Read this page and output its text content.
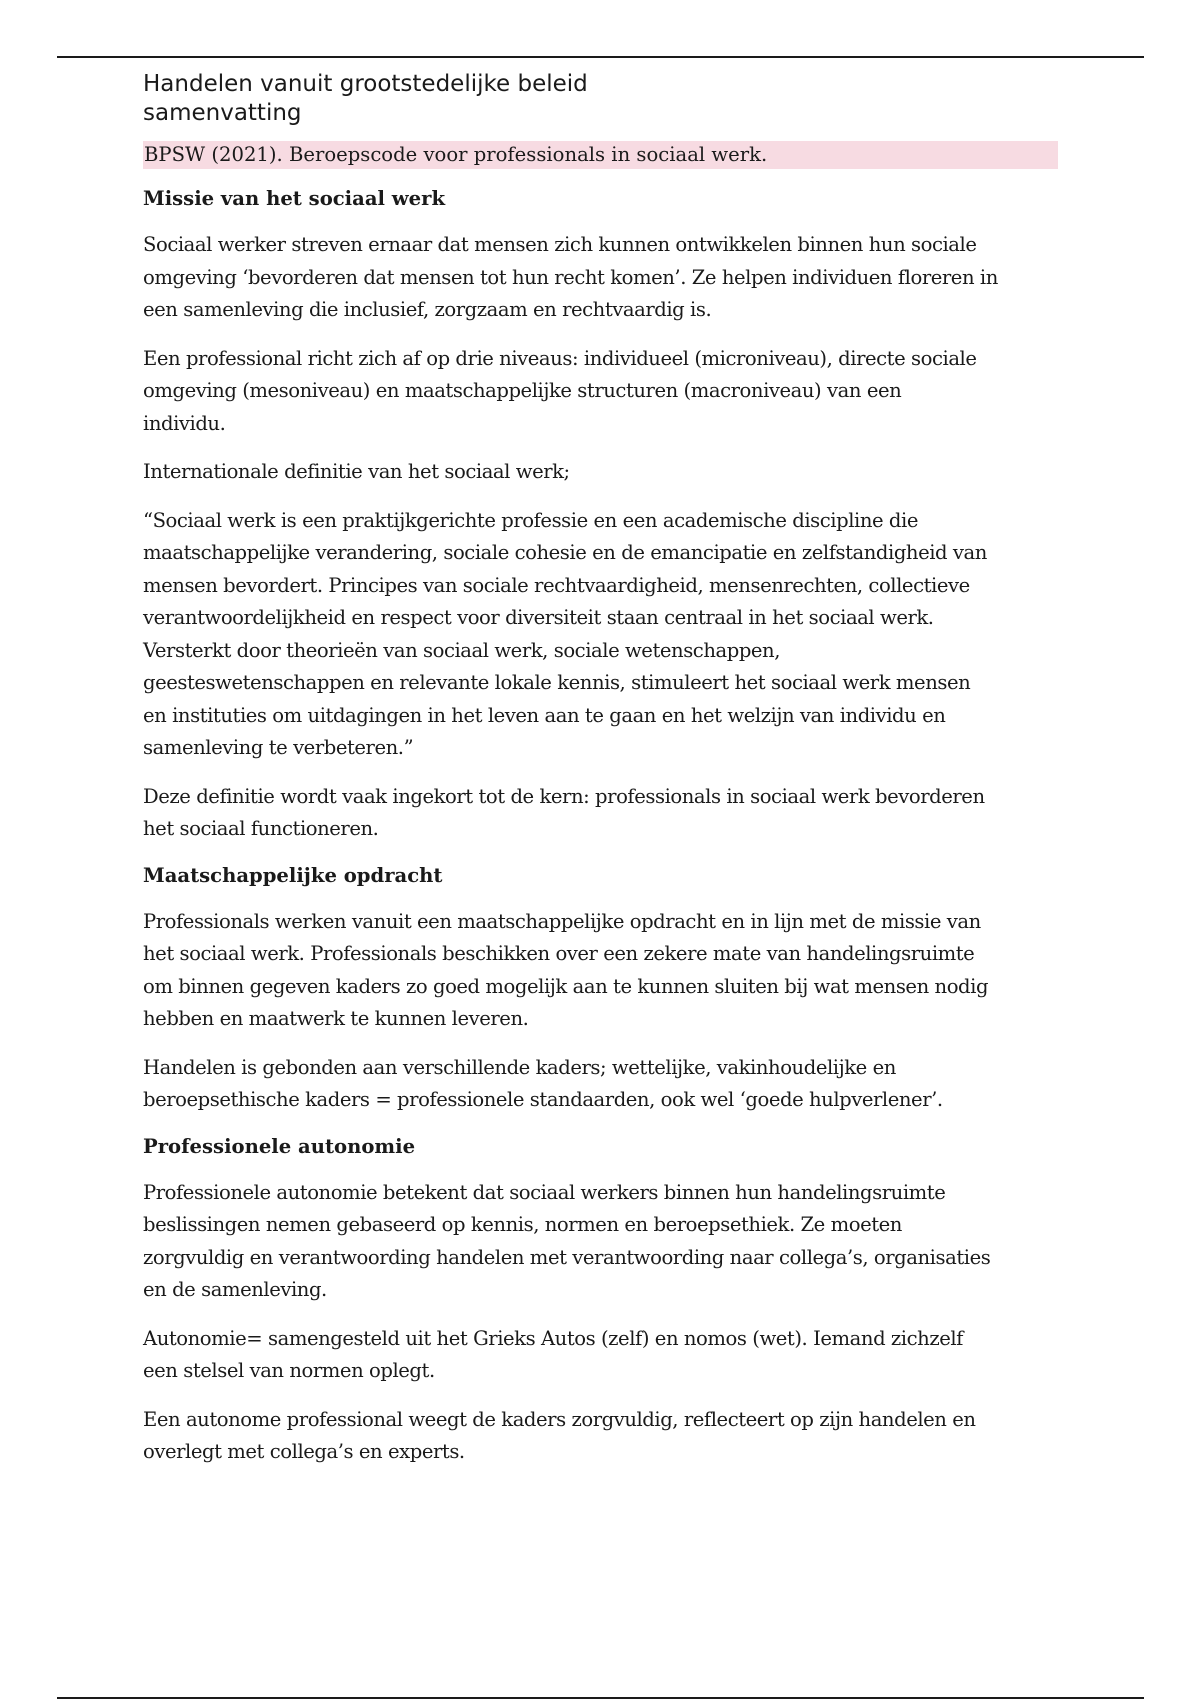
Handelen vanuit grootstedelijke beleid
samenvatting
BPSW (2021). Beroepscode voor professionals in sociaal werk.
Missie van het sociaal werk
Sociaal werker streven ernaar dat mensen zich kunnen ontwikkelen binnen hun sociale
omgeving ‘bevorderen dat mensen tot hun recht komen’. Ze helpen individuen floreren in
een samenleving die inclusief, zorgzaam en rechtvaardig is.
Een professional richt zich af op drie niveaus: individueel (microniveau), directe sociale
omgeving (mesoniveau) en maatschappelijke structuren (macroniveau) van een
individu.
Internationale definitie van het sociaal werk;
“Sociaal werk is een praktijkgerichte professie en een academische discipline die
maatschappelijke verandering, sociale cohesie en de emancipatie en zelfstandigheid van
mensen bevordert. Principes van sociale rechtvaardigheid, mensenrechten, collectieve
verantwoordelijkheid en respect voor diversiteit staan centraal in het sociaal werk.
Versterkt door theorieën van sociaal werk, sociale wetenschappen,
geesteswetenschappen en relevante lokale kennis, stimuleert het sociaal werk mensen
en instituties om uitdagingen in het leven aan te gaan en het welzijn van individu en
samenleving te verbeteren.”
Deze definitie wordt vaak ingekort tot de kern: professionals in sociaal werk bevorderen
het sociaal functioneren.
Maatschappelijke opdracht
Professionals werken vanuit een maatschappelijke opdracht en in lijn met de missie van
het sociaal werk. Professionals beschikken over een zekere mate van handelingsruimte
om binnen gegeven kaders zo goed mogelijk aan te kunnen sluiten bij wat mensen nodig
hebben en maatwerk te kunnen leveren.
Handelen is gebonden aan verschillende kaders; wettelijke, vakinhoudelijke en
beroepsethische kaders = professionele standaarden, ook wel ‘goede hulpverlener’.
Professionele autonomie
Professionele autonomie betekent dat sociaal werkers binnen hun handelingsruimte
beslissingen nemen gebaseerd op kennis, normen en beroepsethiek. Ze moeten
zorgvuldig en verantwoording handelen met verantwoording naar collega’s, organisaties
en de samenleving.
Autonomie= samengesteld uit het Grieks Autos (zelf) en nomos (wet). Iemand zichzelf
een stelsel van normen oplegt.
Een autonome professional weegt de kaders zorgvuldig, reflecteert op zijn handelen en
overlegt met collega’s en experts.
